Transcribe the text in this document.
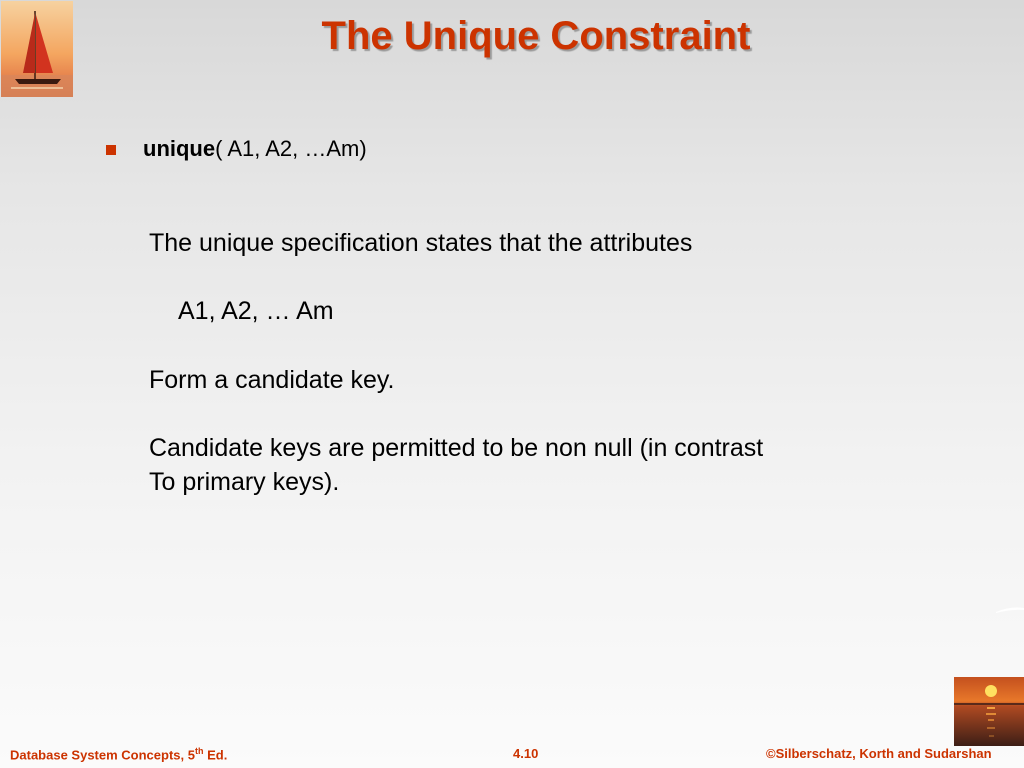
The Unique Constraint
unique ( A1, A2, …Am)
The unique specification states that the attributes
A1, A2, … Am
Form a candidate key.
Candidate keys are permitted to be non null (in contrast
To primary keys).
Database System Concepts, 5th Ed.	4.10	©Silberschatz, Korth and Sudarshan
